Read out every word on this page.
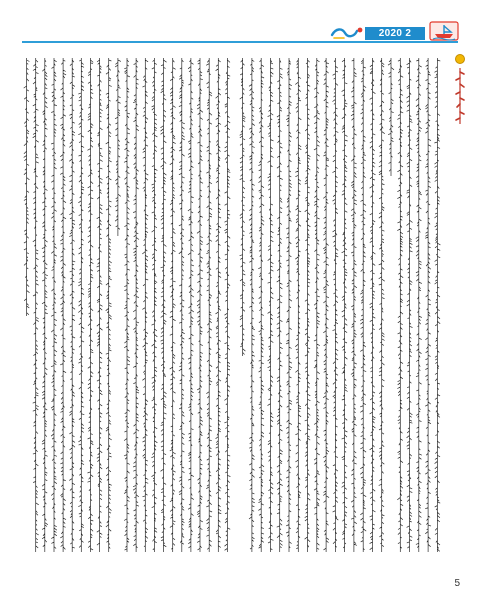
2020 2
5
